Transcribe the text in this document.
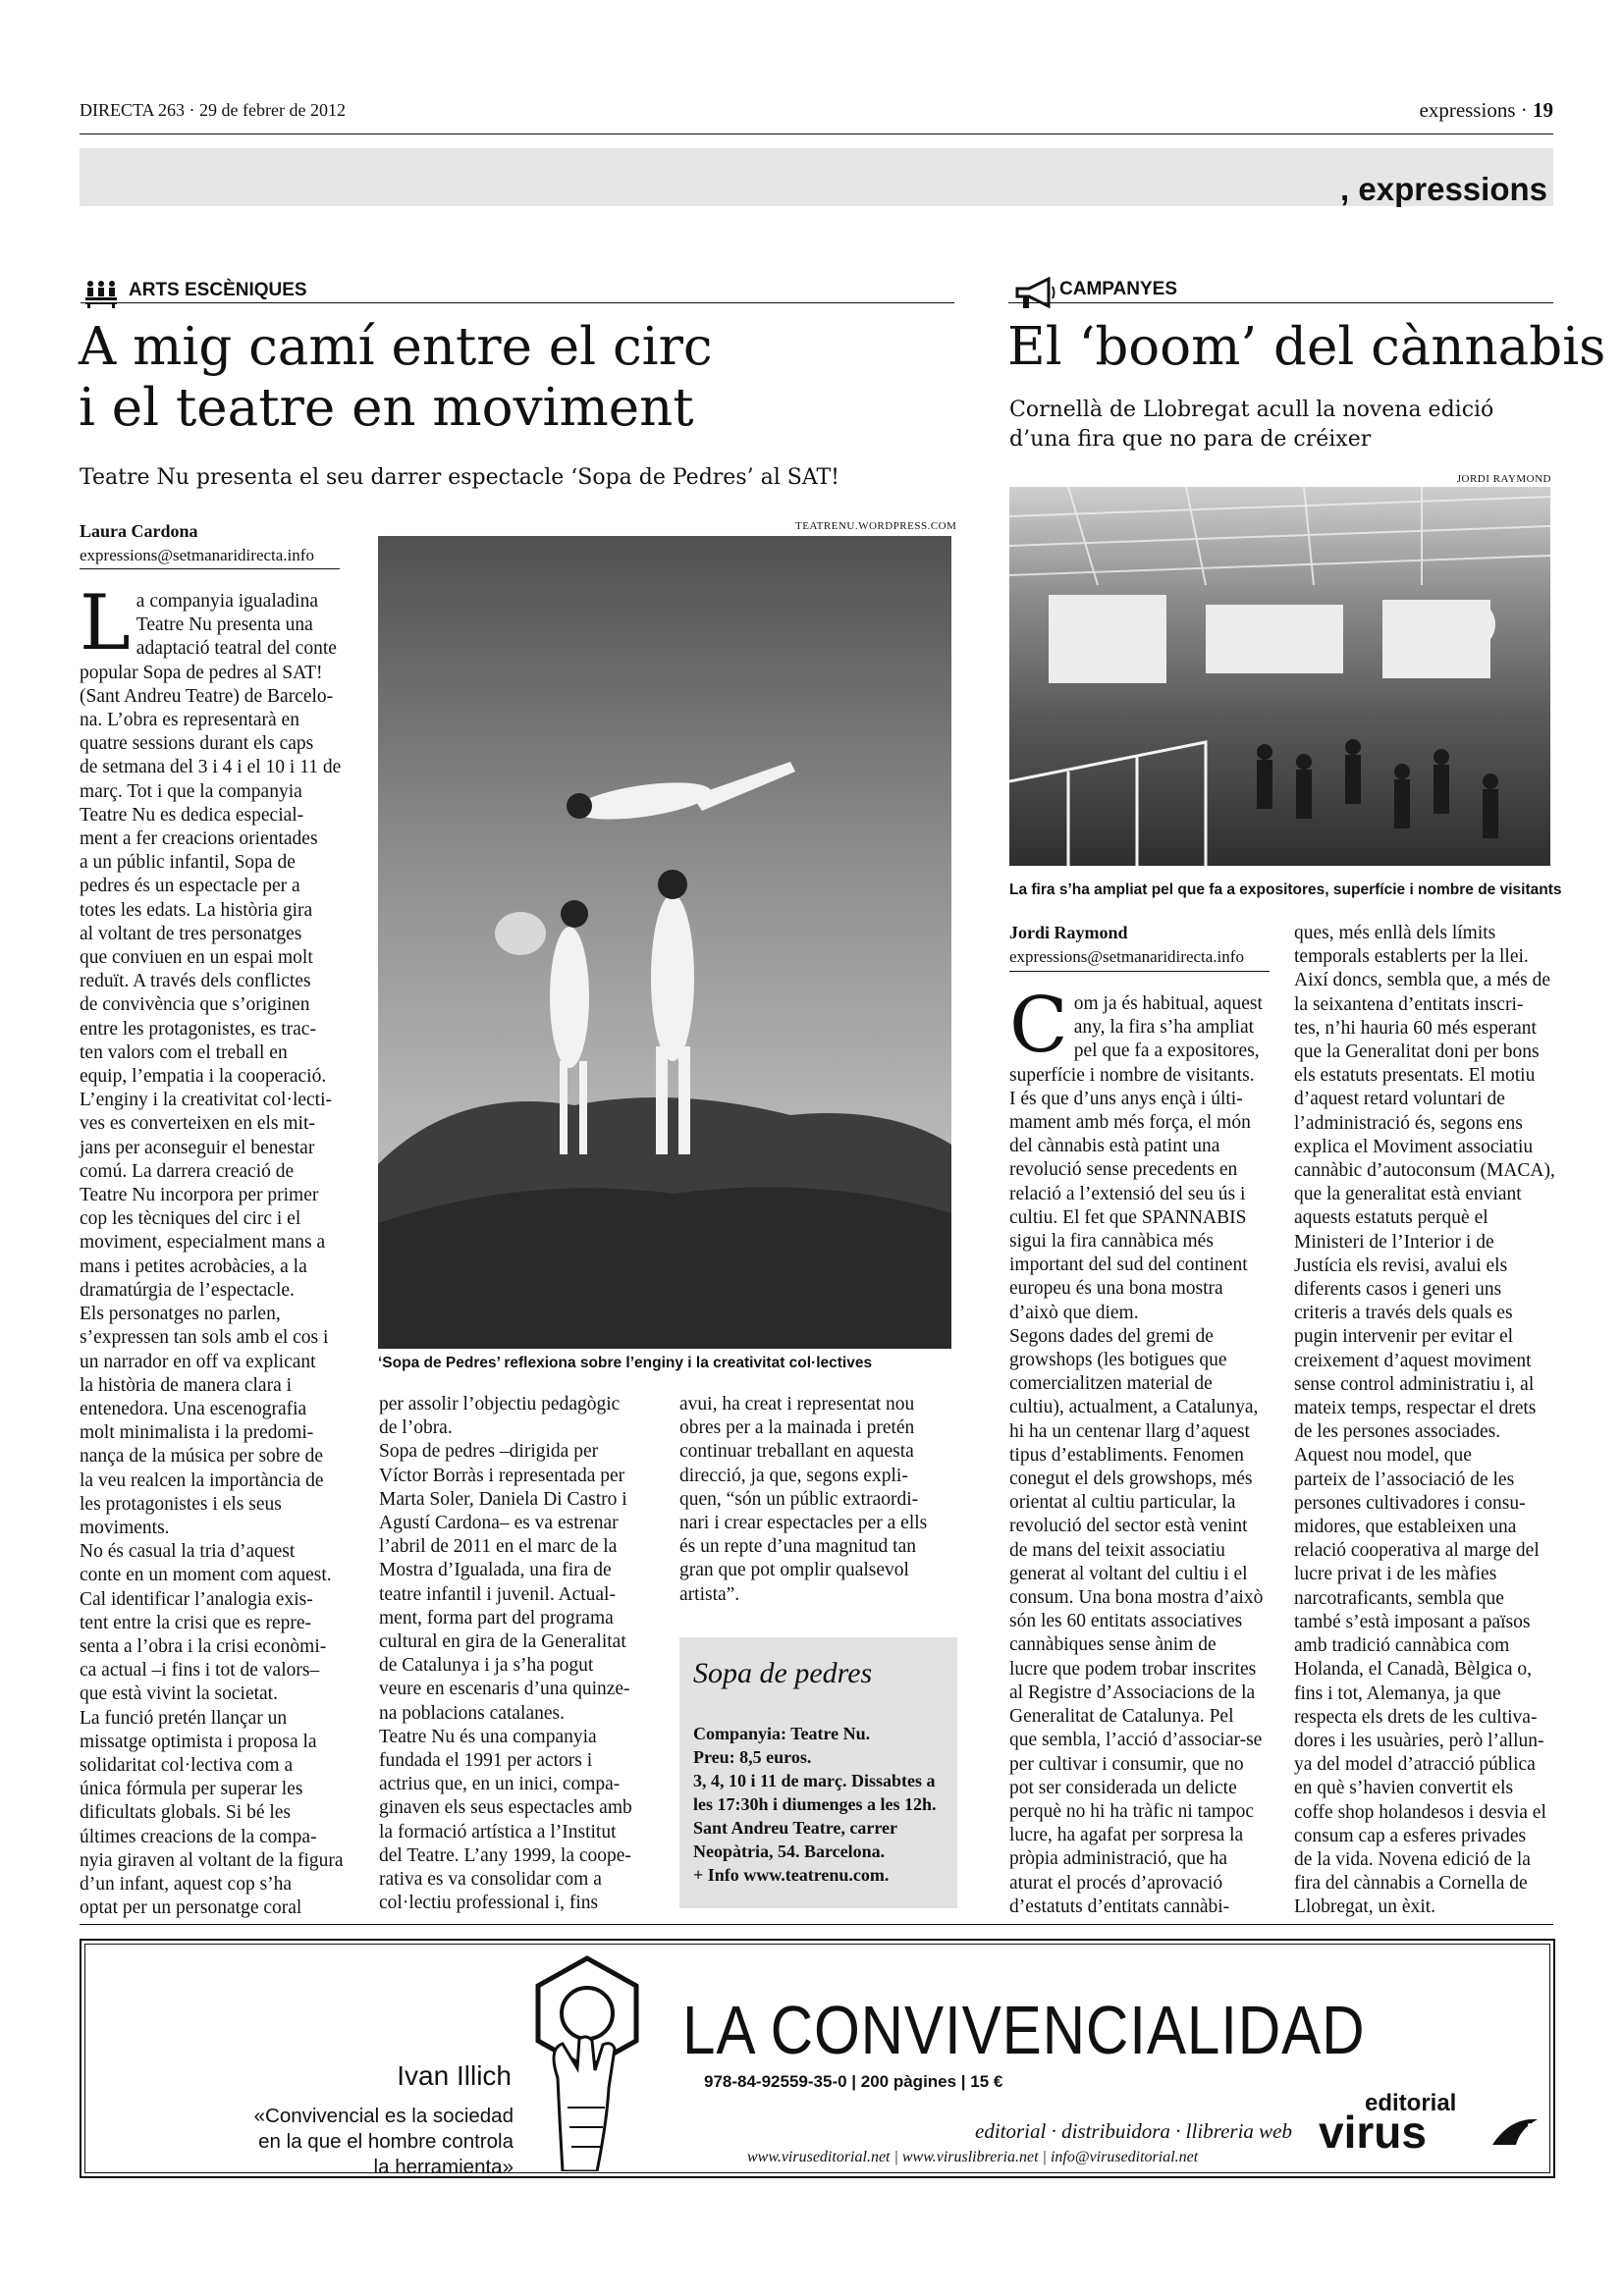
DIRECTA 263 · 29 de febrer de 2012	expressions · 19
, expressions
ARTS ESCÈNIQUES
A mig camí entre el circ
i el teatre en moviment
Teatre Nu presenta el seu darrer espectacle ‘Sopa de Pedres’ al SAT!
Laura Cardona
expressions@setmanaridirecta.info
TEATRENU.WORDPRESS.COM
‘Sopa de Pedres’ reflexiona sobre l’enginy i la creativitat col·lectives
L a companyia igualadina
Teatre Nu presenta una
adaptació teatral del conte
popular Sopa de pedres al SAT!
(Sant Andreu Teatre) de Barcelo-
na. L’obra es representarà en
quatre sessions durant els caps
de setmana del 3 i 4 i el 10 i 11 de
març. Tot i que la companyia
Teatre Nu es dedica especial-
ment a fer creacions orientades
a un públic infantil, Sopa de
pedres és un espectacle per a
totes les edats. La història gira
al voltant de tres personatges
que conviuen en un espai molt
reduït. A través dels conflictes
de convivència que s’originen
entre les protagonistes, es trac-
ten valors com el treball en
equip, l’empatia i la cooperació.
L’enginy i la creativitat col·lecti-
ves es converteixen en els mit-
jans per aconseguir el benestar
comú. La darrera creació de
Teatre Nu incorpora per primer
cop les tècniques del circ i el
moviment, especialment mans a
mans i petites acrobàcies, a la
dramatúrgia de l’espectacle.
Els personatges no parlen,
s’expressen tan sols amb el cos i
un narrador en off va explicant
la història de manera clara i
entenedora. Una escenografia
molt minimalista i la predomi-
nança de la música per sobre de
la veu realcen la importància de
les protagonistes i els seus
moviments.
No és casual la tria d’aquest
conte en un moment com aquest.
Cal identificar l’analogia exis-
tent entre la crisi que es repre-
senta a l’obra i la crisi econòmi-
ca actual –i fins i tot de valors–
que està vivint la societat.
La funció pretén llançar un
missatge optimista i proposa la
solidaritat col·lectiva com a
única fórmula per superar les
dificultats globals. Si bé les
últimes creacions de la compa-
nyia giraven al voltant de la figura
d’un infant, aquest cop s’ha
optat per un personatge coral
per assolir l’objectiu pedagògic
de l’obra.
Sopa de pedres –dirigida per
Víctor Borràs i representada per
Marta Soler, Daniela Di Castro i
Agustí Cardona– es va estrenar
l’abril de 2011 en el marc de la
Mostra d’Igualada, una fira de
teatre infantil i juvenil. Actual-
ment, forma part del programa
cultural en gira de la Generalitat
de Catalunya i ja s’ha pogut
veure en escenaris d’una quinze-
na poblacions catalanes.
Teatre Nu és una companyia
fundada el 1991 per actors i
actrius que, en un inici, compa-
ginaven els seus espectacles amb
la formació artística a l’Institut
del Teatre. L’any 1999, la coope-
rativa es va consolidar com a
col·lectiu professional i, fins
avui, ha creat i representat nou
obres per a la mainada i pretén
continuar treballant en aquesta
direcció, ja que, segons expli-
quen, “són un públic extraordi-
nari i crear espectacles per a ells
és un repte d’una magnitud tan
gran que pot omplir qualsevol
artista”.
Sopa de pedres
Companyia: Teatre Nu.
Preu: 8,5 euros.
3, 4, 10 i 11 de març. Dissabtes a
les 17:30h i diumenges a les 12h.
Sant Andreu Teatre, carrer
Neopàtria, 54. Barcelona.
+ Info www.teatrenu.com.
CAMPANYES
El ‘boom’ del cànnabis
Cornellà de Llobregat acull la novena edició
d’una fira que no para de créixer
JORDI RAYMOND
La fira s’ha ampliat pel que fa a expositores, superfície i nombre de visitants
Jordi Raymond
expressions@setmanaridirecta.info
C om ja és habitual, aquest
any, la fira s’ha ampliat
pel que fa a expositores,
superfície i nombre de visitants.
I és que d’uns anys ençà i últi-
mament amb més força, el món
del cànnabis està patint una
revolució sense precedents en
relació a l’extensió del seu ús i
cultiu. El fet que SPANNABIS
sigui la fira cannàbica més
important del sud del continent
europeu és una bona mostra
d’això que diem.
Segons dades del gremi de
growshops (les botigues que
comercialitzen material de
cultiu), actualment, a Catalunya,
hi ha un centenar llarg d’aquest
tipus d’establiments. Fenomen
conegut el dels growshops, més
orientat al cultiu particular, la
revolució del sector està venint
de mans del teixit associatiu
generat al voltant del cultiu i el
consum. Una bona mostra d’això
són les 60 entitats associatives
cannàbiques sense ànim de
lucre que podem trobar inscrites
al Registre d’Associacions de la
Generalitat de Catalunya. Pel
que sembla, l’acció d’associar-se
per cultivar i consumir, que no
pot ser considerada un delicte
perquè no hi ha tràfic ni tampoc
lucre, ha agafat per sorpresa la
pròpia administració, que ha
aturat el procés d’aprovació
d’estatuts d’entitats cannàbi-
ques, més enllà dels límits
temporals establerts per la llei.
Així doncs, sembla que, a més de
la seixantena d’entitats inscri-
tes, n’hi hauria 60 més esperant
que la Generalitat doni per bons
els estatuts presentats. El motiu
d’aquest retard voluntari de
l’administració és, segons ens
explica el Moviment associatiu
cannàbic d’autoconsum (MACA),
que la generalitat està enviant
aquests estatuts perquè el
Ministeri de l’Interior i de
Justícia els revisi, avalui els
diferents casos i generi uns
criteris a través dels quals es
pugin intervenir per evitar el
creixement d’aquest moviment
sense control administratiu i, al
mateix temps, respectar el drets
de les persones associades.
Aquest nou model, que
parteix de l’associació de les
persones cultivadores i consu-
midores, que estableixen una
relació cooperativa al marge del
lucre privat i de les màfies
narcotraficants, sembla que
també s’està imposant a països
amb tradició cannàbica com
Holanda, el Canadà, Bèlgica o,
fins i tot, Alemanya, ja que
respecta els drets de les cultiva-
dores i les usuàries, però l’allun-
ya del model d’atracció pública
en què s’havien convertit els
coffe shop holandesos i desvia el
consum cap a esferes privades
de la vida. Novena edició de la
fira del cànnabis a Cornella de
Llobregat, un èxit.
Ivan Illich
«Convivencial es la sociedad
en la que el hombre controla
la herramienta»
LA CONVIVENCIALIDAD
978-84-92559-35-0 | 200 pàgines | 15 €
editorial · distribuidora · llibreria web
www.viruseditorial.net | www.viruslibreria.net | info@viruseditorial.net
editorial
virus
